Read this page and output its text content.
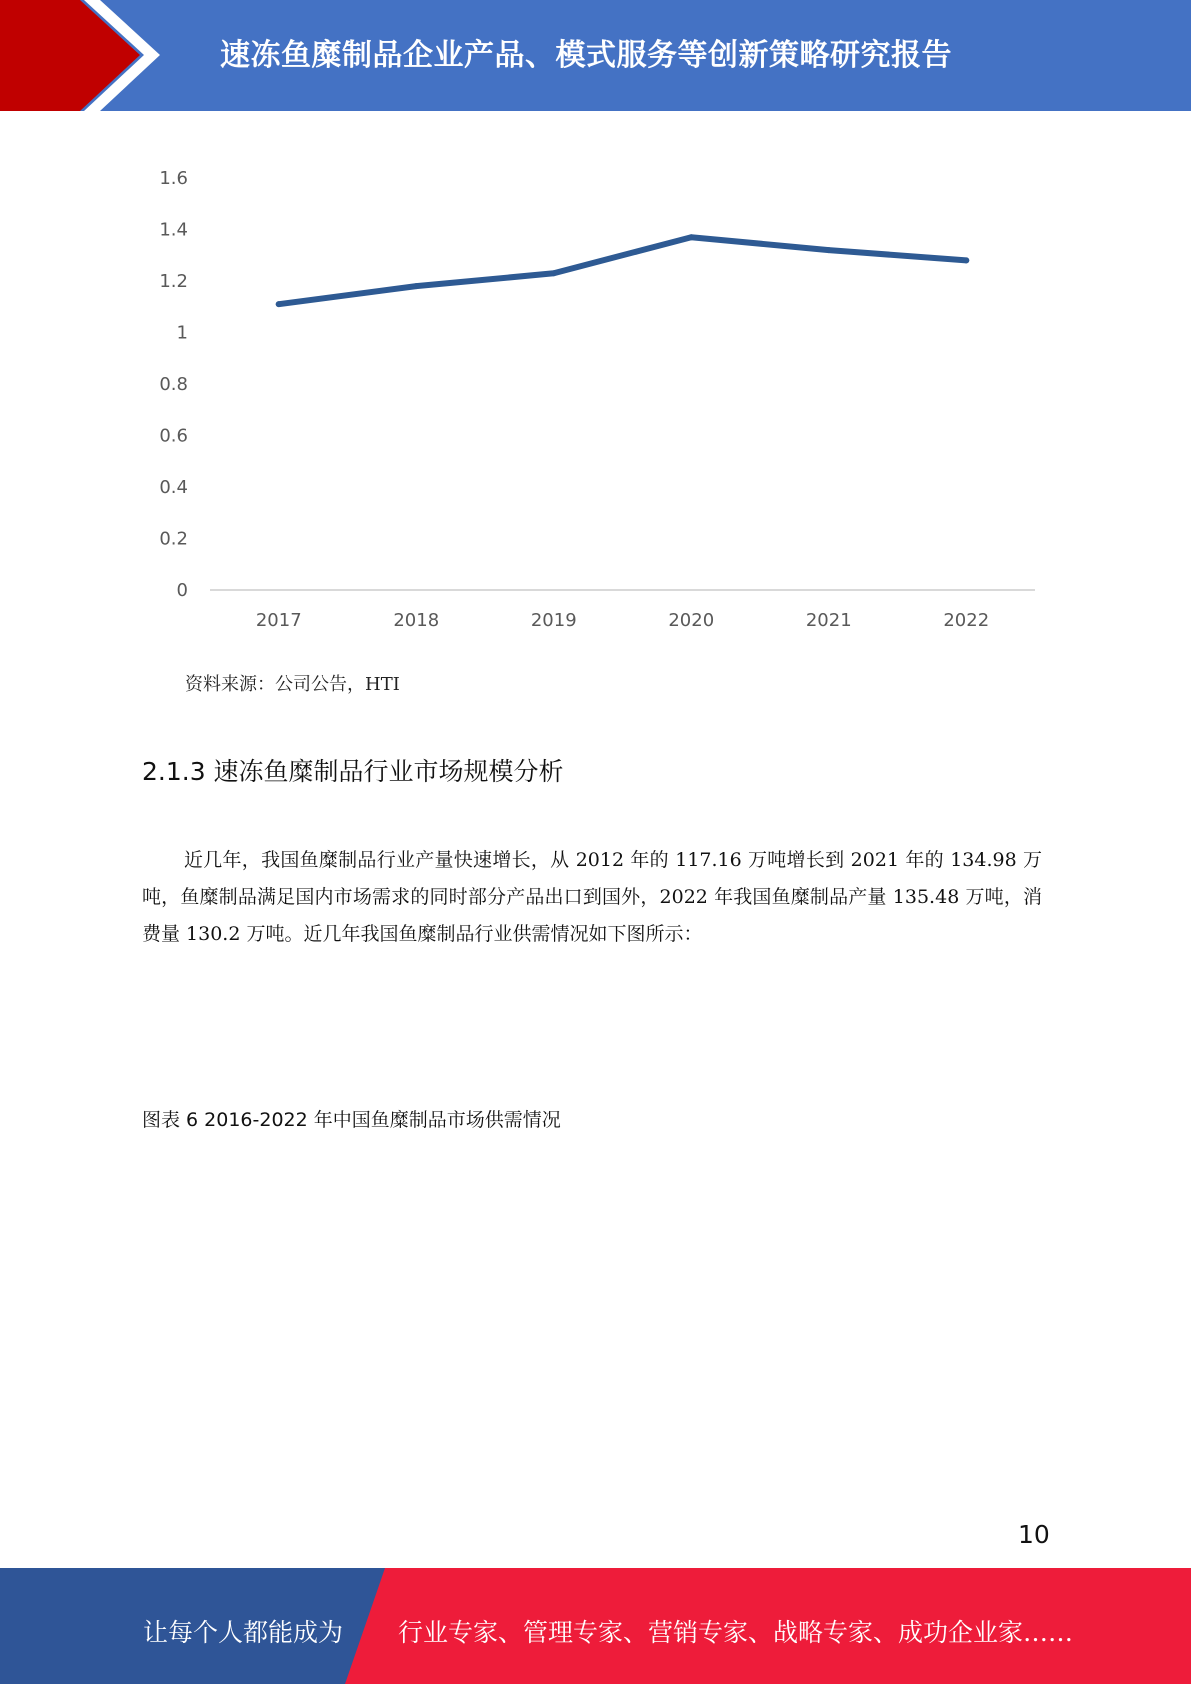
速冻鱼糜制品企业产品、模式服务等创新策略研究报告
0
0.2
0.4
0.6
0.8
1
1.2
1.4
1.6
2017	2018	2019	2020	2021	2022
资料来源：公司公告，HTI
2.1.3 速冻鱼糜制品行业市场规模分析
近几年，我国鱼糜制品行业产量快速增长，从 2012 年的 117.16 万吨增长到 2021 年的 134.98 万吨，鱼糜制品满足国内市场需求的同时部分产品出口到国外，2022 年我国鱼糜制品产量 135.48 万吨，消费量 130.2 万吨。近几年我国鱼糜制品行业供需情况如下图所示：
图表 6 2016-2022 年中国鱼糜制品市场供需情况
10
让每个人都能成为 行业专家、管理专家、营销专家、战略专家、成功企业家……
